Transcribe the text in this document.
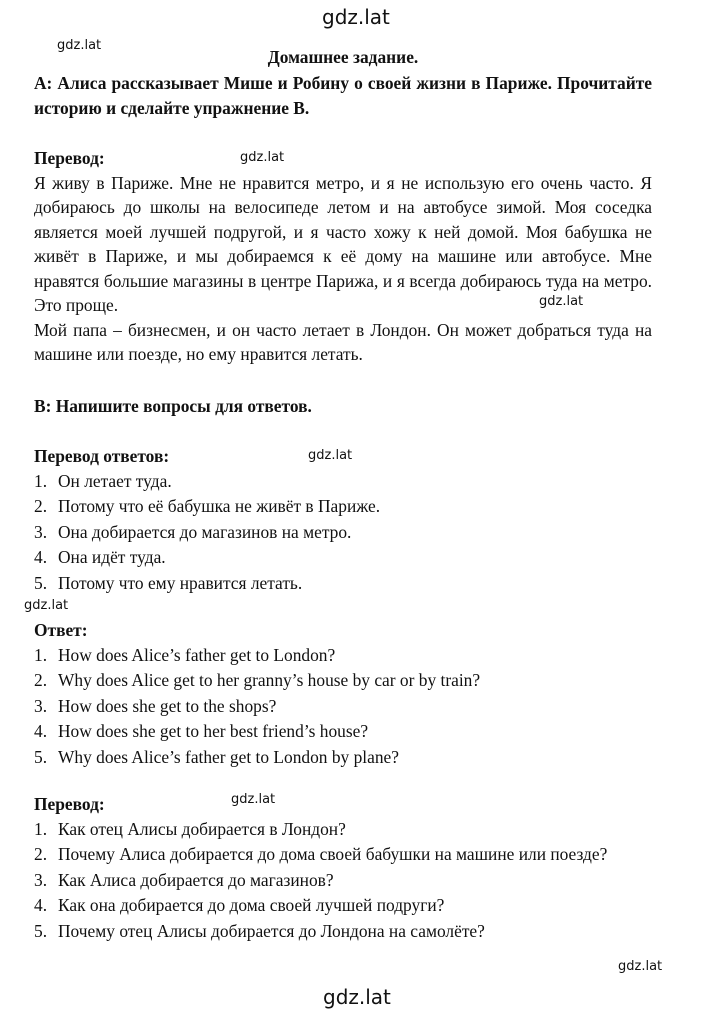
gdz.lat
gdz.lat
gdz.lat
gdz.lat
gdz.lat
gdz.lat
gdz.lat
gdz.lat
gdz.lat
Домашнее задание.
A: Алиса рассказывает Мише и Робину о своей жизни в Париже. Прочитайте историю и сделайте упражнение B.

Перевод:

Я живу в Париже. Мне не нравится метро, и я не использую его очень часто. Я добираюсь до школы на велосипеде летом и на автобусе зимой. Моя соседка является моей лучшей подругой, и я часто хожу к ней домой. Моя бабушка не живёт в Париже, и мы добираемся к её дому на машине или автобусе. Мне нравятся большие магазины в центре Парижа, и я всегда добираюсь туда на метро. Это проще.

Мой папа – бизнесмен, и он часто летает в Лондон. Он может добраться туда на машине или поезде, но ему нравится летать.

B: Напишите вопросы для ответов.

Перевод ответов:

1. Он летает туда.
2. Потому что её бабушка не живёт в Париже.
3. Она добирается до магазинов на метро.
4. Она идёт туда.
5. Потому что ему нравится летать.

Ответ:

1. How does Alice’s father get to London?
2. Why does Alice get to her granny’s house by car or by train?
3. How does she get to the shops?
4. How does she get to her best friend’s house?
5. Why does Alice’s father get to London by plane?

Перевод:

1. Как отец Алисы добирается в Лондон?
2. Почему Алиса добирается до дома своей бабушки на машине или поезде?
3. Как Алиса добирается до магазинов?
4. Как она добирается до дома своей лучшей подруги?
5. Почему отец Алисы добирается до Лондона на самолёте?
